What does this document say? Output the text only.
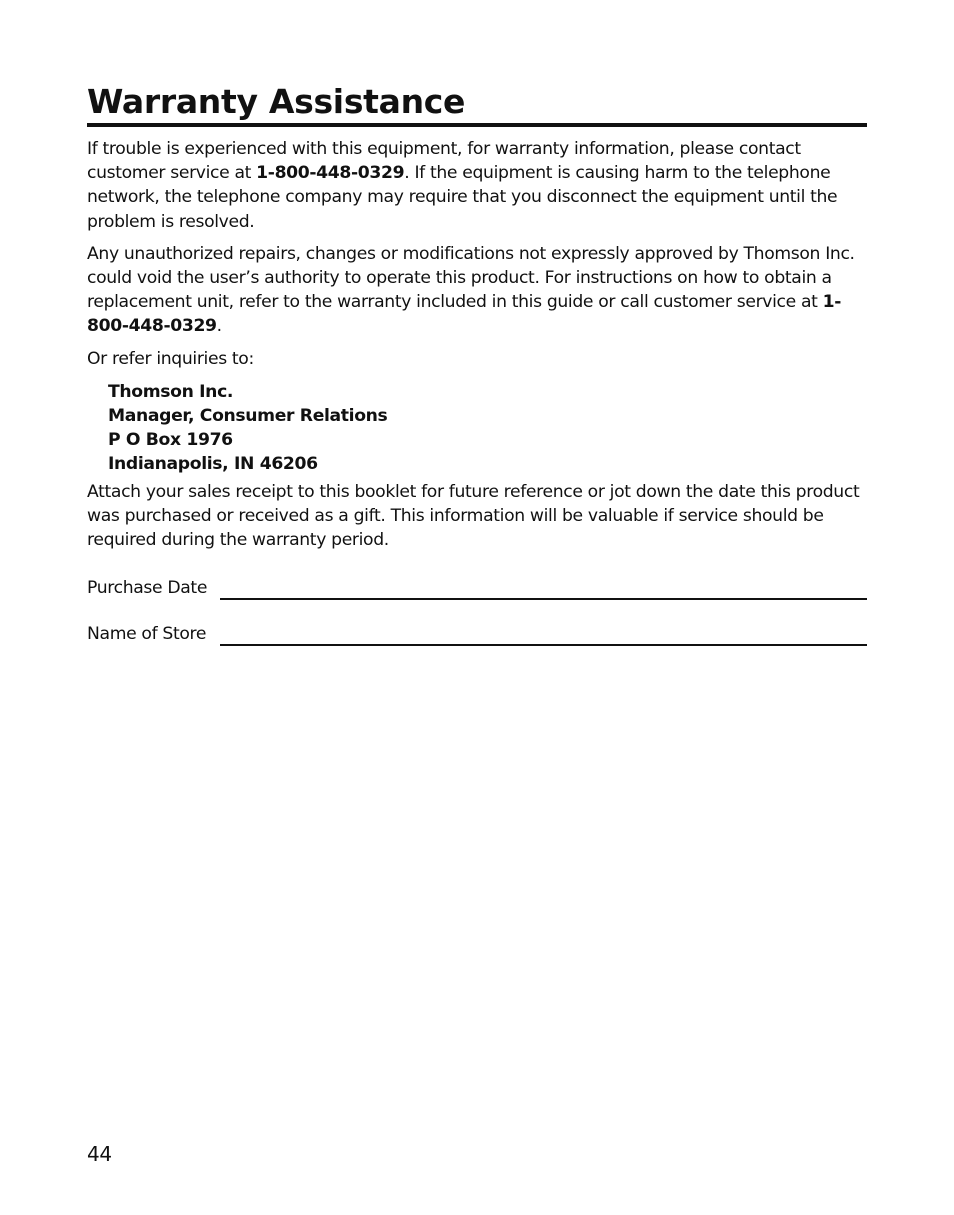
Warranty Assistance

If trouble is experienced with this equipment, for warranty information, please contact customer service at 1-800-448-0329. If the equipment is causing harm to the telephone network, the telephone company may require that you disconnect the equipment until the problem is resolved.

Any unauthorized repairs, changes or modifications not expressly approved by Thomson Inc. could void the user’s authority to operate this product. For instructions on how to obtain a replacement unit, refer to the warranty included in this guide or call customer service at 1-800-448-0329.

Or refer inquiries to:

Thomson Inc.
Manager, Consumer Relations
P O Box 1976
Indianapolis, IN 46206

Attach your sales receipt to this booklet for future reference or jot down the date this product was purchased or received as a gift. This information will be valuable if service should be required during the warranty period.

Purchase Date
Name of Store
44
